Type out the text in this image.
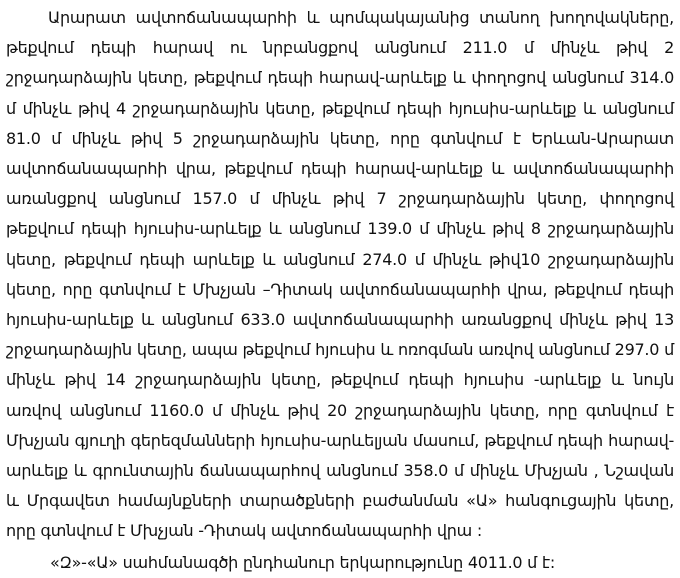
Արարատ ավտոճանապարհի և պոմպակայանից տանող խողովակները, թեքվում դեպի հարավ ու նրբանցքով անցնում 211.0 մ մինչև թիվ 2 շրջադարձային կետը, թեքվում դեպի հարավ-արևելք և փողոցով անցնում 314.0 մ մինչև թիվ 4 շրջադարձային կետը, թեքվում դեպի հյուսիս-արևելք և անցնում 81.0 մ մինչև թիվ 5 շրջադարձային կետը, որը գտնվում է Երևան-Արարատ ավտոճանապարհի վրա, թեքվում դեպի հարավ-արևելք և ավտոճանապարհի առանցքով անցնում 157.0 մ մինչև թիվ 7 շրջադարձային կետը, փողոցով թեքվում դեպի հյուսիս-արևելք և անցնում 139.0 մ մինչև թիվ 8 շրջադարձային կետը, թեքվում դեպի արևելք և անցնում 274.0 մ մինչև թիվ10 շրջադարձային կետը, որը գտնվում է Մխչյան –Դիտակ ավտոճանապարհի վրա, թեքվում դեպի հյուսիս-արևելք և անցնում 633.0 ավտոճանապարհի առանցքով մինչև թիվ 13 շրջադարձային կետը, ապա թեքվում հյուսիս և ոռոգման առվով անցնում 297.0 մ մինչև թիվ 14 շրջադարձային կետը, թեքվում դեպի հյուսիս -արևելք և նույն առվով անցնում 1160.0 մ մինչև թիվ 20 շրջադարձային կետը, որը գտնվում է Մխչյան գյուղի գերեզմանների հյուսիս-արևելյան մասում, թեքվում դեպի հարավ-արևելք և գրունտային ճանապարհով անցնում 358.0 մ մինչև Մխչյան , Նշավան և Մրգավետ համայնքների տարածքների բաժանման «Ա» հանգուցային կետը, որը գտնվում է Մխչյան -Դիտակ ավտոճանապարհի վրա :

«Զ»-«Ա» սահմանագծի ընդհանուր երկարությունը 4011.0 մ է:
